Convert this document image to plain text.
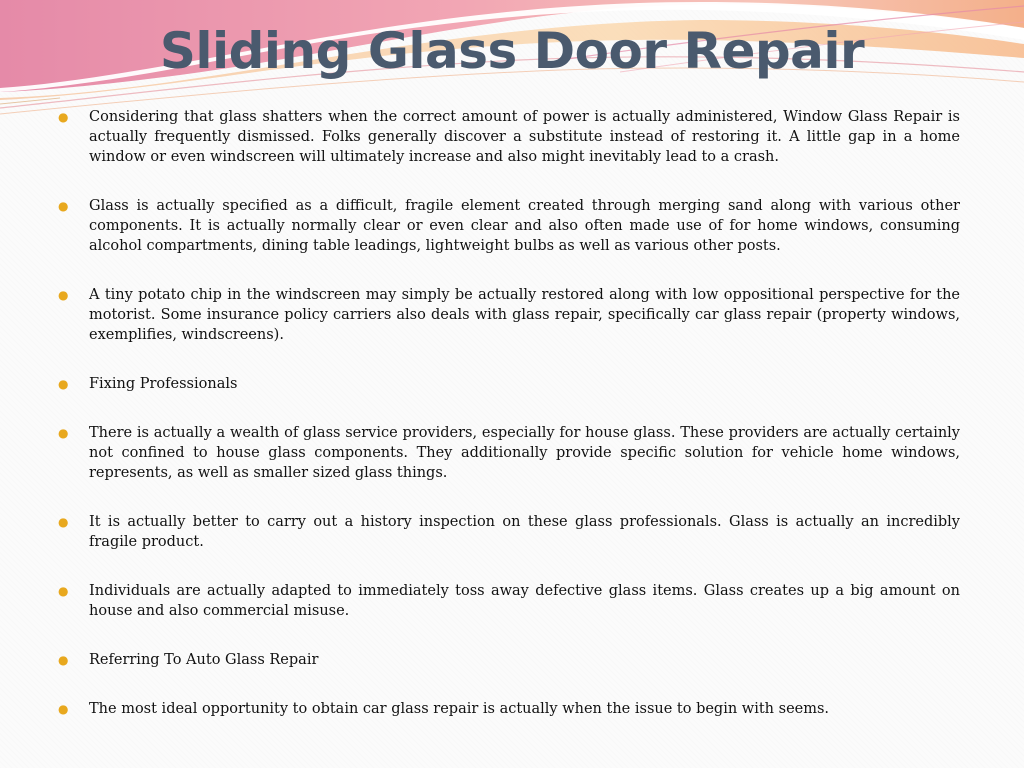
Sliding Glass Door Repair
● Considering that glass shatters when the correct amount of power is actually administered, Window Glass Repair is actually frequently dismissed. Folks generally discover a substitute instead of restoring it. A little gap in a home window or even windscreen will ultimately increase and also might inevitably lead to a crash.
● Glass is actually specified as a difficult, fragile element created through merging sand along with various other components. It is actually normally clear or even clear and also often made use of for home windows, consuming alcohol compartments, dining table leadings, lightweight bulbs as well as various other posts.
● A tiny potato chip in the windscreen may simply be actually restored along with low oppositional perspective for the motorist. Some insurance policy carriers also deals with glass repair, specifically car glass repair (property windows, exemplifies, windscreens).
● Fixing Professionals
● There is actually a wealth of glass service providers, especially for house glass. These providers are actually certainly not confined to house glass components. They additionally provide specific solution for vehicle home windows, represents, as well as smaller sized glass things.
● It is actually better to carry out a history inspection on these glass professionals. Glass is actually an incredibly fragile product.
● Individuals are actually adapted to immediately toss away defective glass items. Glass creates up a big amount on house and also commercial misuse.
● Referring To Auto Glass Repair
● The most ideal opportunity to obtain car glass repair is actually when the issue to begin with seems.
